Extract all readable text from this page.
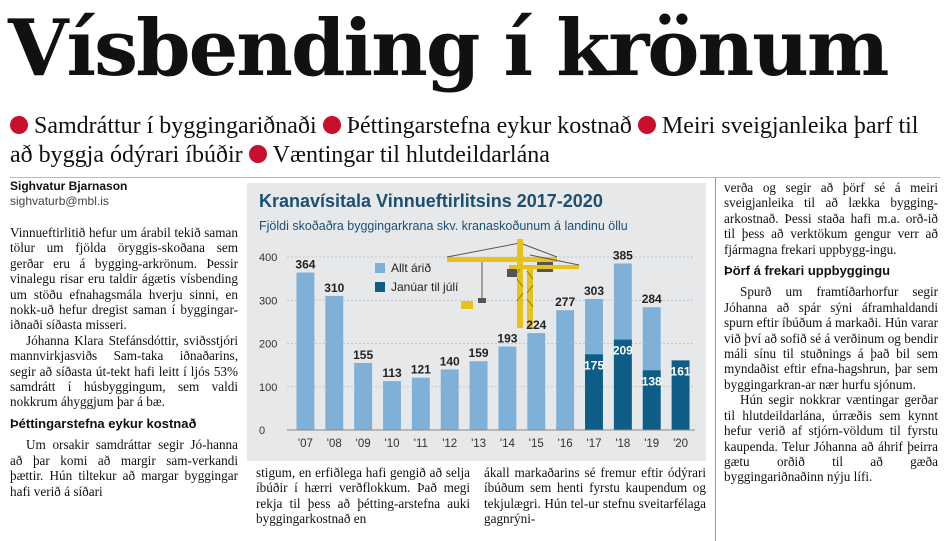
Vísbending í krönum
Samdráttur í byggingariðnaði Þéttingarstefna eykur kostnað Meiri sveigjanleika þarf til að byggja ódýrari íbúðir Væntingar til hlutdeildarlána
Sighvatur Bjarnason
sighvaturb@mbl.is

Vinnueftirlitið hefur um árabil tekið saman tölur um fjölda öryggis-skoðana sem gerðar eru á bygging-arkrönum. Þessir vinalegu risar eru taldir ágætis vísbending um stöðu efnahagsmála hverju sinni, en nokk-uð hefur dregist saman í byggingar-iðnaði síðasta misseri.

Jóhanna Klara Stefánsdóttir, sviðsstjóri mannvirkjasviðs Sam-taka iðnaðarins, segir að síðasta út-tekt hafi leitt í ljós 53% samdrátt í húsbyggingum, sem valdi nokkrum áhyggjum þar á bæ.

Þéttingarstefna eykur kostnað

Um orsakir samdráttar segir Jó-hanna að þar komi að margir sam-verkandi þættir. Hún tiltekur að margar byggingar hafi verið á síðari

Kranavísitala Vinnueftirlitsins 2017-2020
Fjöldi skoðaðra byggingarkrana skv. kranaskoðunum á landinu öllu
400
300
200
100
0
364
'07
310
'08
155
'09
113
'10
121
'11
140
'12
159
'13
193
'14
224
'15
277
'16
303
175
'17
385
209
'18
284
138
'19
161
'20
Allt árið
Janúar til júlí

stigum, en erfiðlega hafi gengið að selja íbúðir í hærri verðflokkum. Það megi rekja til þess að þétting-arstefna auki byggingarkostnað en

ákall markaðarins sé fremur eftir ódýrari íbúðum sem henti fyrstu kaupendum og tekjulægri. Hún tel-ur stefnu sveitarfélaga gagnrýni-

verða og segir að þörf sé á meiri sveigjanleika til að lækka bygging-arkostnað. Þessi staða hafi m.a. orð-ið til þess að verktökum gengur verr að fjármagna frekari uppbygg-ingu.

Þörf á frekari uppbyggingu

Spurð um framtíðarhorfur segir Jóhanna að spár sýni áframhaldandi spurn eftir íbúðum á markaði. Hún varar við því að sofið sé á verðinum og bendir máli sínu til stuðnings á það bil sem myndaðist eftir efna-hagshrun, þar sem byggingarkran-ar nær hurfu sjónum.

Hún segir nokkrar væntingar gerðar til hlutdeildarlána, úrræðis sem kynnt hefur verið af stjórn-völdum til fyrstu kaupenda. Telur Jóhanna að áhrif þeirra gætu orðið til að gæða byggingariðnaðinn nýju lífi.
